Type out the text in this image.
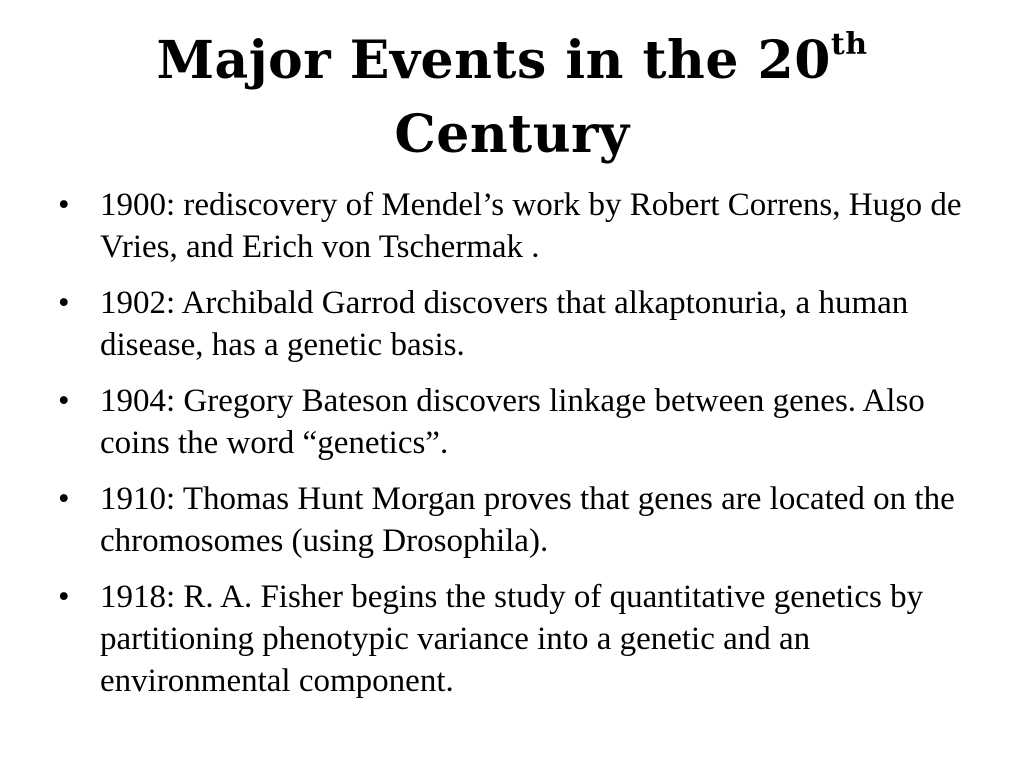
Major Events in the 20th
Century
• 1900: rediscovery of Mendel’s work by Robert Correns, Hugo de Vries, and Erich von Tschermak .
• 1902: Archibald Garrod discovers that alkaptonuria, a human disease, has a genetic basis.
• 1904: Gregory Bateson discovers linkage between genes. Also coins the word “genetics”.
• 1910: Thomas Hunt Morgan proves that genes are located on the chromosomes (using Drosophila).
• 1918: R. A. Fisher begins the study of quantitative genetics by partitioning phenotypic variance into a genetic and an environmental component.
